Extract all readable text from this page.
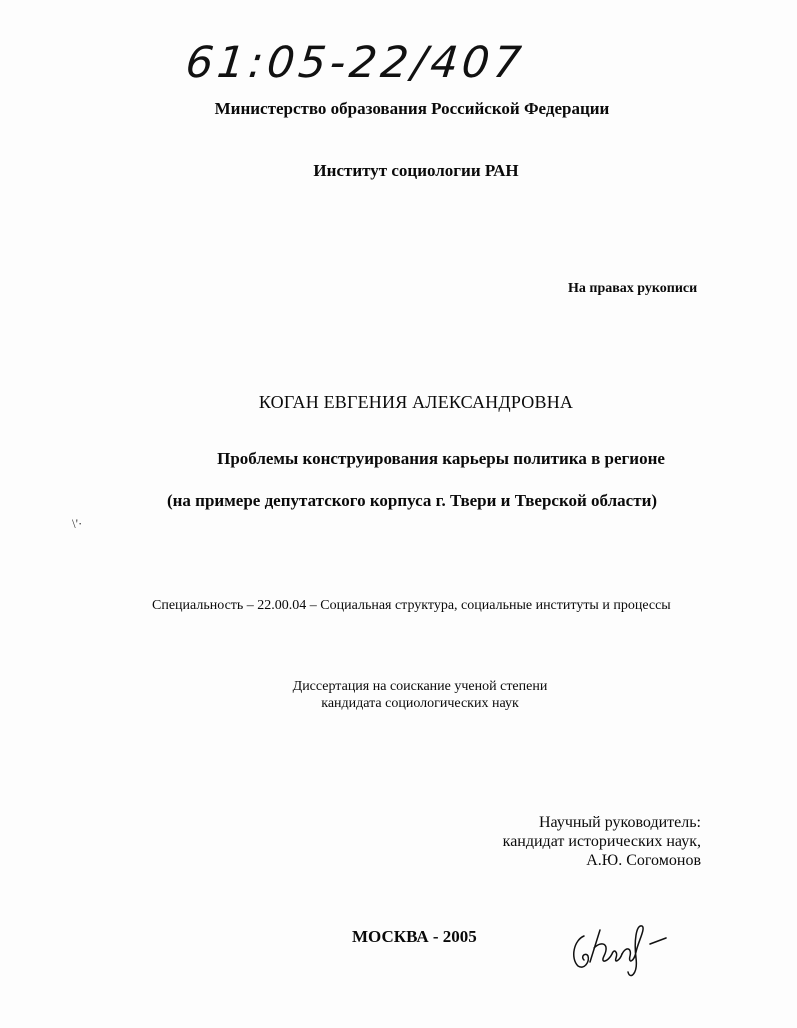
61:05-22/407
Министерство образования Российской Федерации
Институт социологии РАН
На правах рукописи
КОГАН ЕВГЕНИЯ АЛЕКСАНДРОВНА
Проблемы конструирования карьеры политика в регионе
(на примере депутатского корпуса г. Твери и Тверской области)
\'·
Специальность – 22.00.04 – Социальная структура, социальные институты и процессы
Диссертация на соискание ученой степени
кандидата социологических наук
Научный руководитель:
кандидат исторических наук,
А.Ю. Согомонов
МОСКВА - 2005
